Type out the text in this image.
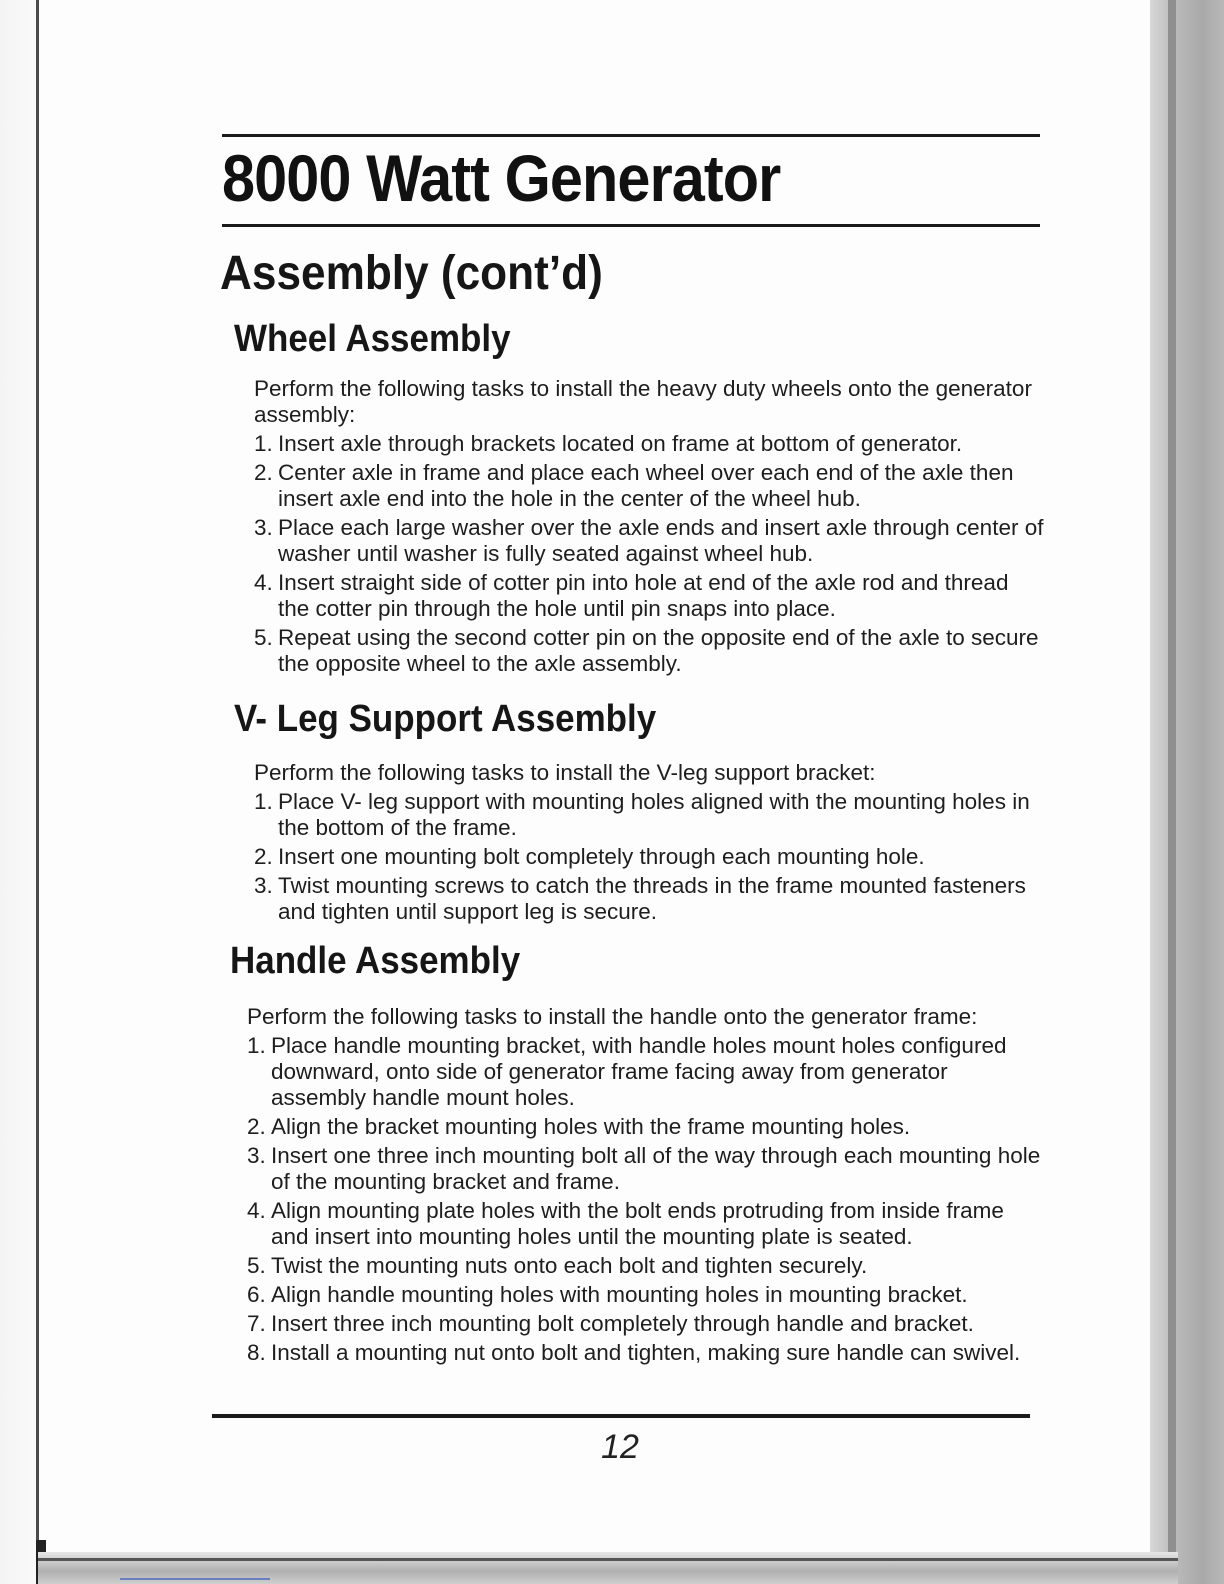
8000 Watt Generator
Assembly (cont’d)
Wheel Assembly

Perform the following tasks to install the heavy duty wheels onto the generator assembly:

1. Insert axle through brackets located on frame at bottom of generator.
2. Center axle in frame and place each wheel over each end of the axle then insert axle end into the hole in the center of the wheel hub.
3. Place each large washer over the axle ends and insert axle through center of washer until washer is fully seated against wheel hub.
4. Insert straight side of cotter pin into hole at end of the axle rod and thread the cotter pin through the hole until pin snaps into place.
5. Repeat using the second cotter pin on the opposite end of the axle to secure the opposite wheel to the axle assembly.
V- Leg Support Assembly

Perform the following tasks to install the V-leg support bracket:

1. Place V- leg support with mounting holes aligned with the mounting holes in the bottom of the frame.
2. Insert one mounting bolt completely through each mounting hole.
3. Twist mounting screws to catch the threads in the frame mounted fasteners and tighten until support leg is secure.
Handle Assembly

Perform the following tasks to install the handle onto the generator frame:

1. Place handle mounting bracket, with handle holes mount holes configured downward, onto side of generator frame facing away from generator assembly handle mount holes.
2. Align the bracket mounting holes with the frame mounting holes.
3. Insert one three inch mounting bolt all of the way through each mounting hole of the mounting bracket and frame.
4. Align mounting plate holes with the bolt ends protruding from inside frame and insert into mounting holes until the mounting plate is seated.
5. Twist the mounting nuts onto each bolt and tighten securely.
6. Align handle mounting holes with mounting holes in mounting bracket.
7. Insert three inch mounting bolt completely through handle and bracket.
8. Install a mounting nut onto bolt and tighten, making sure handle can swivel.
12
